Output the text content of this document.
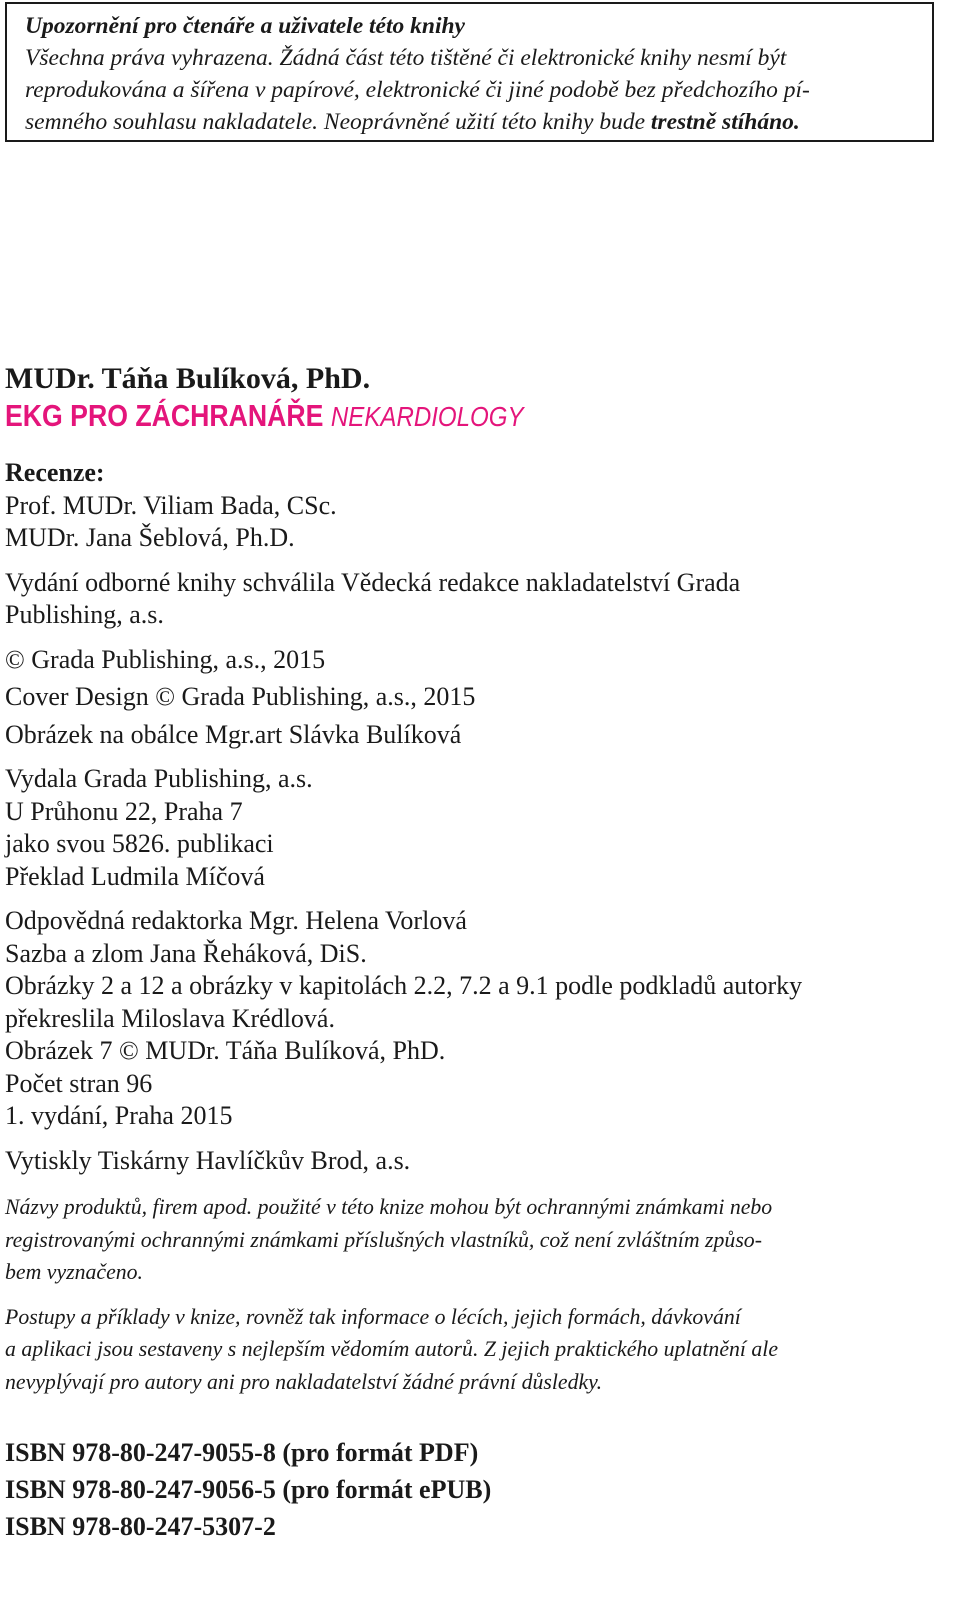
Upozornění pro čtenáře a uživatele této knihy
Všechna práva vyhrazena. Žádná část této tištěné či elektronické knihy nesmí být
reprodukována a šířena v papírové, elektronické či jiné podobě bez předchozího pí-
semného souhlasu nakladatele. Neoprávněné užití této knihy bude trestně stíháno.

MUDr. Táňa Bulíková, PhD.

EKG PRO ZÁCHRANÁŘE NEKARDIOLOGY

Recenze:
Prof. MUDr. Viliam Bada, CSc.
MUDr. Jana Šeblová, Ph.D.
Vydání odborné knihy schválila Vědecká redakce nakladatelství Grada
Publishing, a.s.
© Grada Publishing, a.s., 2015
Cover Design © Grada Publishing, a.s., 2015
Obrázek na obálce Mgr.art Slávka Bulíková
Vydala Grada Publishing, a.s.
U Průhonu 22, Praha 7
jako svou 5826. publikaci
Překlad Ludmila Míčová
Odpovědná redaktorka Mgr. Helena Vorlová
Sazba a zlom Jana Řeháková, DiS.
Obrázky 2 a 12 a obrázky v kapitolách 2.2, 7.2 a 9.1 podle podkladů autorky
překreslila Miloslava Krédlová.
Obrázek 7 © MUDr. Táňa Bulíková, PhD.
Počet stran 96
1. vydání, Praha 2015
Vytiskly Tiskárny Havlíčkův Brod, a.s.
Názvy produktů, firem apod. použité v této knize mohou být ochrannými známkami nebo
registrovanými ochrannými známkami příslušných vlastníků, což není zvláštním způso-
bem vyznačeno.
Postupy a příklady v knize, rovněž tak informace o lécích, jejich formách, dávkování
a aplikaci jsou sestaveny s nejlepším vědomím autorů. Z jejich praktického uplatnění ale
nevyplývají pro autory ani pro nakladatelství žádné právní důsledky.
ISBN 978-80-247-9055-8 (pro formát PDF)
ISBN 978-80-247-9056-5 (pro formát ePUB)
ISBN 978-80-247-5307-2
